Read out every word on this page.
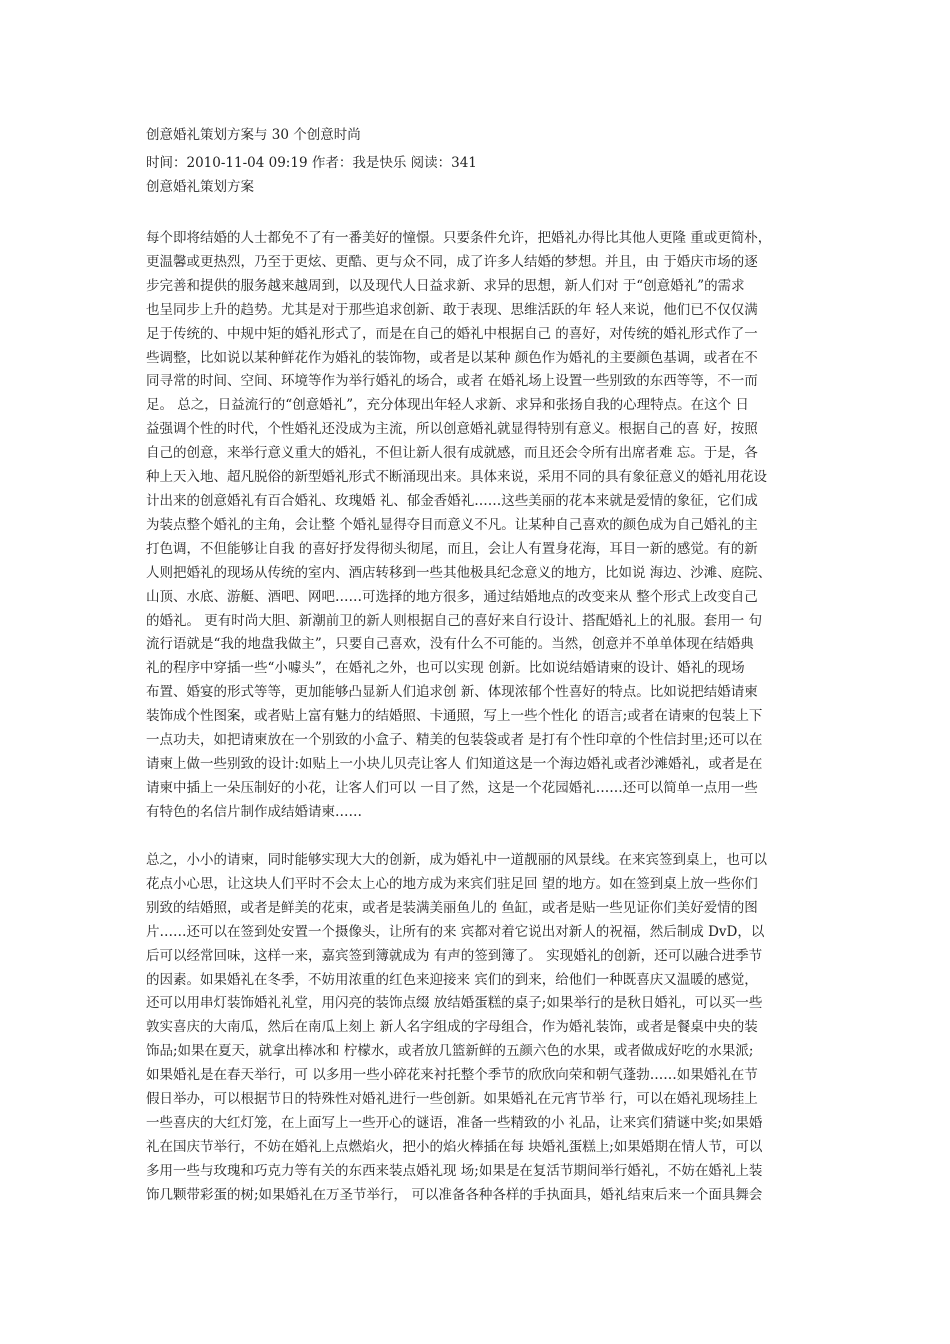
创意婚礼策划方案与 30 个创意时尚
时间：2010-11-04 09:19 作者：我是快乐 阅读：341
创意婚礼策划方案
每个即将结婚的人士都免不了有一番美好的憧憬。只要条件允许，把婚礼办得比其他人更隆 重或更简朴，
更温馨或更热烈，乃至于更炫、更酷、更与众不同，成了许多人结婚的梦想。并且，由 于婚庆市场的逐
步完善和提供的服务越来越周到，以及现代人日益求新、求异的思想，新人们对 于“创意婚礼”的需求
也呈同步上升的趋势。尤其是对于那些追求创新、敢于表现、思维活跃的年 轻人来说，他们已不仅仅满
足于传统的、中规中矩的婚礼形式了，而是在自己的婚礼中根据自己 的喜好，对传统的婚礼形式作了一
些调整，比如说以某种鲜花作为婚礼的装饰物，或者是以某种 颜色作为婚礼的主要颜色基调，或者在不
同寻常的时间、空间、环境等作为举行婚礼的场合，或者 在婚礼场上设置一些别致的东西等等，不一而
足。 总之，日益流行的“创意婚礼”，充分体现出年轻人求新、求异和张扬自我的心理特点。在这个 日
益强调个性的时代，个性婚礼还没成为主流，所以创意婚礼就显得特别有意义。根据自己的喜 好，按照
自己的创意，来举行意义重大的婚礼，不但让新人很有成就感，而且还会令所有出席者难 忘。于是，各
种上天入地、超凡脱俗的新型婚礼形式不断涌现出来。具体来说，采用不同的具有象征意义的婚礼用花设
计出来的创意婚礼有百合婚礼、玫瑰婚 礼、郁金香婚礼……这些美丽的花本来就是爱情的象征，它们成
为装点整个婚礼的主角，会让整 个婚礼显得夺目而意义不凡。让某种自己喜欢的颜色成为自己婚礼的主
打色调，不但能够让自我 的喜好抒发得彻头彻尾，而且，会让人有置身花海，耳目一新的感觉。有的新
人则把婚礼的现场从传统的室内、酒店转移到一些其他极具纪念意义的地方，比如说 海边、沙滩、庭院、
山顶、水底、游艇、酒吧、网吧……可选择的地方很多，通过结婚地点的改变来从 整个形式上改变自己
的婚礼。 更有时尚大胆、新潮前卫的新人则根据自己的喜好来自行设计、搭配婚礼上的礼服。套用一 句
流行语就是“我的地盘我做主”，只要自己喜欢，没有什么不可能的。当然，创意并不单单体现在结婚典
礼的程序中穿插一些“小噱头”，在婚礼之外，也可以实现 创新。比如说结婚请柬的设计、婚礼的现场
布置、婚宴的形式等等，更加能够凸显新人们追求创 新、体现浓郁个性喜好的特点。比如说把结婚请柬
装饰成个性图案，或者贴上富有魅力的结婚照、卡通照，写上一些个性化 的语言;或者在请柬的包装上下
一点功夫，如把请柬放在一个别致的小盒子、精美的包装袋或者 是打有个性印章的个性信封里;还可以在
请柬上做一些别致的设计:如贴上一小块儿贝壳让客人 们知道这是一个海边婚礼或者沙滩婚礼，或者是在
请柬中插上一朵压制好的小花，让客人们可以 一目了然，这是一个花园婚礼……还可以简单一点用一些
有特色的名信片制作成结婚请柬……
总之，小小的请柬，同时能够实现大大的创新，成为婚礼中一道靓丽的风景线。在来宾签到桌上，也可以
花点小心思，让这块人们平时不会太上心的地方成为来宾们驻足回 望的地方。如在签到桌上放一些你们
别致的结婚照，或者是鲜美的花束，或者是装满美丽鱼儿的 鱼缸，或者是贴一些见证你们美好爱情的图
片……还可以在签到处安置一个摄像头，让所有的来 宾都对着它说出对新人的祝福，然后制成 DvD，以
后可以经常回味，这样一来，嘉宾签到簿就成为 有声的签到簿了。 实现婚礼的创新，还可以融合进季节
的因素。如果婚礼在冬季，不妨用浓重的红色来迎接来 宾们的到来，给他们一种既喜庆又温暖的感觉，
还可以用串灯装饰婚礼礼堂，用闪亮的装饰点缀 放结婚蛋糕的桌子;如果举行的是秋日婚礼，可以买一些
敦实喜庆的大南瓜，然后在南瓜上刻上 新人名字组成的字母组合，作为婚礼装饰，或者是餐桌中央的装
饰品;如果在夏天，就拿出棒冰和 柠檬水，或者放几篮新鲜的五颜六色的水果，或者做成好吃的水果派;
如果婚礼是在春天举行，可 以多用一些小碎花来衬托整个季节的欣欣向荣和朝气蓬勃……如果婚礼在节
假日举办，可以根据节日的特殊性对婚礼进行一些创新。如果婚礼在元宵节举 行，可以在婚礼现场挂上
一些喜庆的大红灯笼，在上面写上一些开心的谜语，准备一些精致的小 礼品，让来宾们猜谜中奖;如果婚
礼在国庆节举行，不妨在婚礼上点燃焰火，把小的焰火棒插在每 块婚礼蛋糕上;如果婚期在情人节，可以
多用一些与玫瑰和巧克力等有关的东西来装点婚礼现 场;如果是在复活节期间举行婚礼，不妨在婚礼上装
饰几颗带彩蛋的树;如果婚礼在万圣节举行， 可以准备各种各样的手执面具，婚礼结束后来一个面具舞会
